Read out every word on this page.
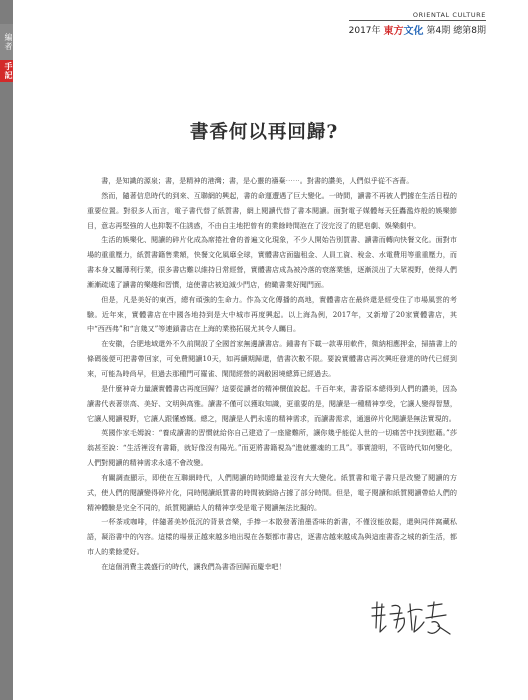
編者
手記
ORIENTAL CULTURE
2017年 東方文化 第4期 總第8期
書香何以再回歸?

書，是知識的源泉；書，是精神的港灣；書，是心靈的禱棄⋯⋯。對書的讚美，人們似乎從不吝嗇。

然而，隨著信息時代的到來、互聯網的興起，書的命運遭遇了巨大變化。一時間，讀書不再被人們據在生活日程的重要位置。對很多人而言，電子書代替了紙質書，網上閱讀代替了書本閱讀。面對電子媒體每天狂轟濫炸般的娛樂節目，意志再堅強的人也抑製不住誘惑，不由自主地把曾有的業餘時間泡在了沒完沒了的肥皂劇、娛樂劇中。

生活的娛樂化、閱讀的碎片化成為席捲社會的普遍文化現象，不少人開始告別買書、讀書而轉向快餐文化。面對市場的重重壓力，紙質書籍售業額，快餐文化風靡全球，實體書店面臨租金、人員工資、稅金、水電費用等重重壓力，而書本身又屬薄利行業，很多書店難以維持日常經營，實體書店成為被冷落的衰落業態，逐漸淡出了大眾視野，使得人們漸漸疏遠了讀書的樂趣和習慣，這使書店被迫減少門店，俯瞰書業好聞門面。

但是，凡是美好的東西，總有頑強的生命力。作為文化傳播的高地，實體書店在最終還是經受住了市場風雲的考驗。近年來，實體書店在中國各地持到是大中城市再度興起。以上海為例，2017年，又新增了20家實體書店，其中“西西弗”和“言幾又”等連鎖書店在上海的業務拓展尤其令人矚目。

在安徽，合肥地域還外不久前開設了全國首家無邊讀書店。鍾書有下載一款專用軟件，微納相應押金，掃描書上的條碼後便可把書帶回家，可免費閱讀10天，如再續期歸還，借書次數不限。要說實體書店再次興旺發達的時代已經到來，可能為時尚早，但過去那種門可羅雀、閑閒經營的凋敝困境總算已經過去。

是什麼神奇力量讓實體書店再度回歸？這要從讀者的精神價值說起。千百年來，書香原本總得到人們的讚美，因為讀書代表著崇高、美好、文明與高雅。讀書不僅可以獲取知識，更重要的是，閱讀是一種精神享受，它讓人變得智慧，它讓人閱讀視野，它讓人跟懂感慨。總之，閱讀是人們永遠的精神需求，而讀書需求，通過碎片化閱讀是無法實現的。

英國作家毛姆說：“養成讀書的習慣就給你自己建造了一座避難所，讓你幾乎能從人世的一切痛苦中找到慰藉。”莎翁甚至說：“生活裡沒有書籍，就好像沒有陽光。”而更將書籍視為“進就靈魂的工具”。事實證明，不管時代如何變化，人們對閱讀的精神需求永遠不會改變。

有關調查顯示，即使在互聯網時代，人們閱讀的時間總量並沒有大大變化。紙質書和電子書只是改變了閱讀的方式，使人們的閱讀變得碎片化，同時閱讀紙質書的時間被網絡占據了部分時間。但是，電子閱讀和紙質閱讀帶給人們的精神體驗是完全不同的，紙質閱讀給人的精神享受是電子閱讀無法比擬的。

一杯茶或咖啡，伴隨著美妙低沉的背景音樂，手捧一本散發著油墨香味的新書，不僅沒能放鬆，還與同伴窩藏私語，凝浴書中的內容。這樣的場景正越來越多地出現在各類都市書店，逐書店越來越成為與這座書香之城的新生活，都市人的業餘愛好。

在這個消費主義盛行的時代，讓我們為書香回歸而慶幸吧！
